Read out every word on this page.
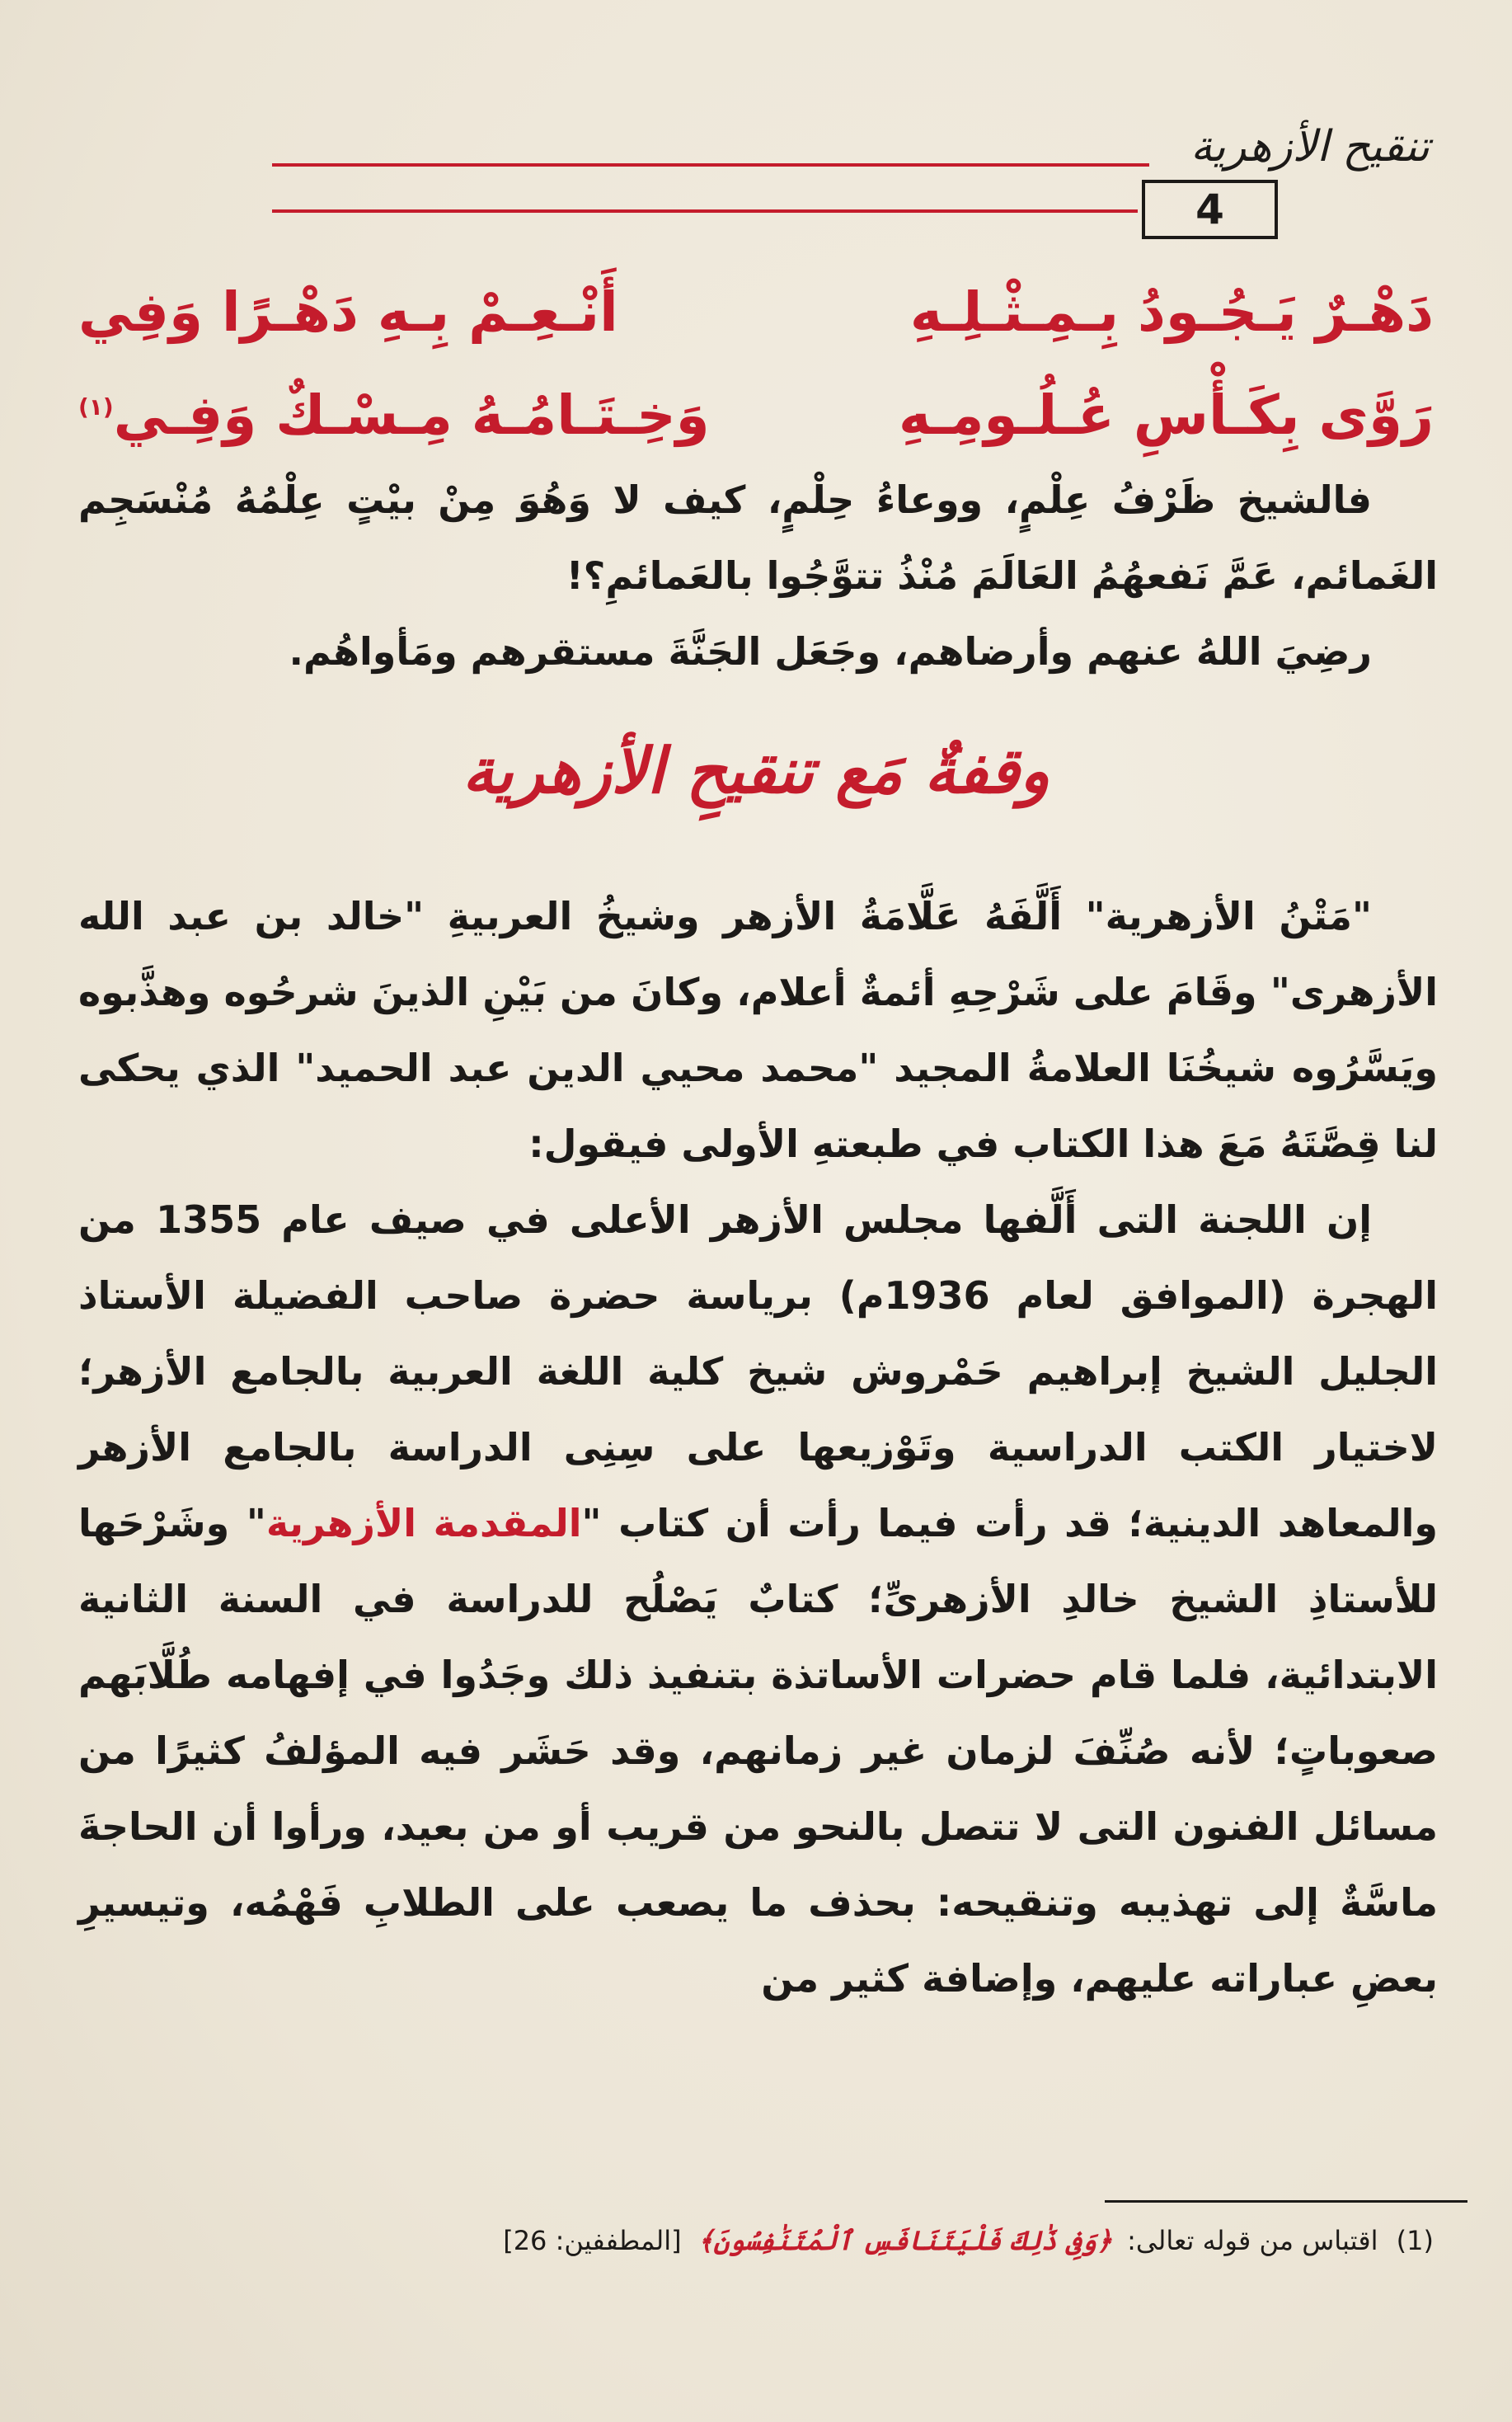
تنقيح الأزهرية
4
دَهْـرٌ يَـجُـودُ بِـمِـثْـلِـهِ
أَنْـعِـمْ بِـهِ دَهْـرًا وَفِي
رَوَّى بِكَـأْسِ عُـلُـومِـهِ
وَخِـتَـامُـهُ مِـسْـكٌ وَفِـي$^{(١)}$

فالشيخ ظَرْفُ عِلْمٍ، ووعاءُ حِلْمٍ، كيف لا وَهُوَ مِنْ بيْتٍ عِلْمُهُ مُنْسَجِم الغَمائم، عَمَّ نَفعهُمُ العَالَمَ مُنْذُ تتوَّجُوا بالعَمائمِ؟!

رضِيَ اللهُ عنهم وأرضاهم، وجَعَل الجَنَّةَ مستقرهم ومَأواهُم.

وقفةٌ مَع تنقيحِ الأزهرية

"مَتْنُ الأزهرية" أَلَّفَهُ عَلَّامَةُ الأزهر وشيخُ العربيةِ "خالد بن عبد الله الأزهرى" وقَامَ على شَرْحِهِ أئمةٌ أعلام، وكانَ من بَيْنِ الذينَ شرحُوه وهذَّبوه ويَسَّرُوه شيخُنَا العلامةُ المجيد "محمد محيي الدين عبد الحميد" الذي يحكى لنا قِصَّتَهُ مَعَ هذا الكتاب في طبعتهِ الأولى فيقول:

إن اللجنة التى أَلَّفها مجلس الأزهر الأعلى في صيف عام 1355 من الهجرة (الموافق لعام 1936م) برياسة حضرة صاحب الفضيلة الأستاذ الجليل الشيخ إبراهيم حَمْروش شيخ كلية اللغة العربية بالجامع الأزهر؛ لاختيار الكتب الدراسية وتَوْزيعها على سِنِى الدراسة بالجامع الأزهر والمعاهد الدينية؛ قد رأت فيما رأت أن كتاب "المقدمة الأزهرية" وشَرْحَها للأستاذِ الشيخ خالدِ الأزهرىِّ؛ كتابٌ يَصْلُح للدراسة في السنة الثانية الابتدائية، فلما قام حضرات الأساتذة بتنفيذ ذلك وجَدُوا في إفهامه طُلَّابَهم صعوباتٍ؛ لأنه صُنِّفَ لزمان غير زمانهم، وقد حَشَر فيه المؤلفُ كثيرًا من مسائل الفنون التى لا تتصل بالنحو من قريب أو من بعيد، ورأوا أن الحاجةَ ماسَّةٌ إلى تهذيبه وتنقيحه: بحذف ما يصعب على الطلابِ فَهْمُه، وتيسيرِ بعضِ عباراته عليهم، وإضافة كثير من

(1) اقتباس من قوله تعالى: ﴿وَفِى ذَٰلِكَ فَلْيَتَنَافَسِ ٱلْمُتَنَٰفِسُونَ﴾ [المطففين: 26]
